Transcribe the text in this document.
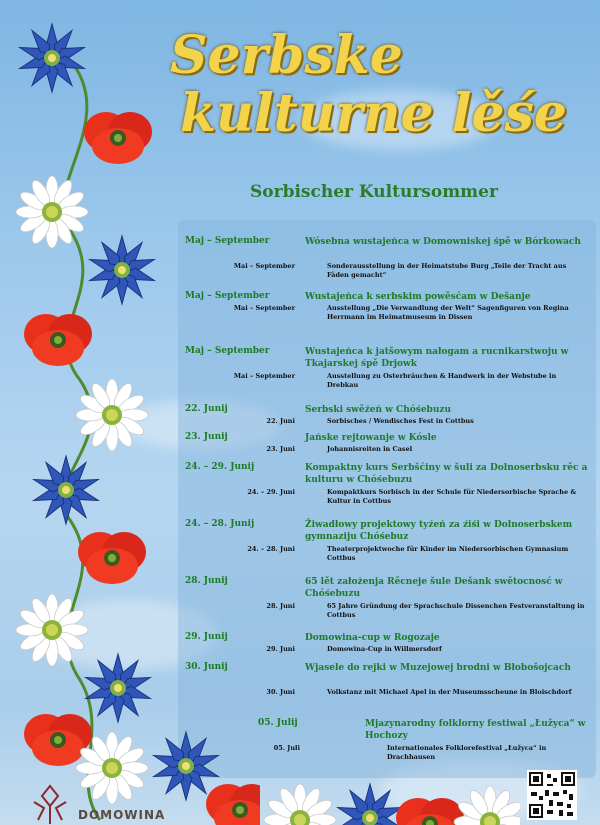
Serbske
kulturne lěśe
Sorbischer Kultursommer
Maj – September	Wósebna wustajeńca w Domowniskej śpě w Bórkowach
Mai – September	Sonderausstellung in der Heimatstube Burg „Teile der Tracht aus Fäden gemacht“
Maj – September	Wustajeńca k serbskim powěsćam w Dešanje
Mai – September	Ausstellung „Die Verwandlung der Welt“ Sagenfiguren von Regina Herrmann im Heimatmuseum in Dissen
Maj – September	Wustajeńca k jatšowym nałogam a rucnikarstwoju w Tkajarskej śpě Drjowk
Mai – September	Ausstellung zu Osterbräuchen & Handwerk in der Webstube in Drebkau
22. Junij	Serbski swěźeń w Chóśebuzu
22. Juni	Sorbisches / Wendisches Fest in Cottbus
23. Junij	Jańske rejtowanje w Kósle
23. Juni	Johannisreiten in Casel
24. – 29. Junij	Kompaktny kurs Serbšćiny w šuli za Dolnoserbsku rěc a kulturu w Chóśebuzu
24. – 29. Juni	Kompaktkurs Sorbisch in der Schule für Niedersorbische Sprache & Kultur in Cottbus
24. – 28. Junij	Žiwadłowy projektowy tyźeń za źiśi w Dolnoserbskem gymnaziju Chóśebuz
24. – 28. Juni	Theaterprojektwoche für Kinder im Niedersorbischen Gymnasium Cottbus
28. Junij	65 lět założenja Rěcneje šule Dešank swětocnosć w Chóśebuzu
28. Juni	65 Jahre Gründung der Sprachschule Dissenchen Festveranstaltung in Cottbus
29. Junij	Domowina-cup w Rogozaje
29. Juni	Domowina-Cup in Willmersdorf
30. Junij	Wjasele do rejki w Muzejowej brodni w Błobošojcach
30. Juni	Volkstanz mit Michael Apel in der Museumsscheune in Bloischdorf
05. Julij	Mjazynarodny folklorny festiwal „Łužyca“ w Hochozy
05. Juli	Internationales Folklorefestival „Łužyca“ in Drachhausen
DOMOWINA
